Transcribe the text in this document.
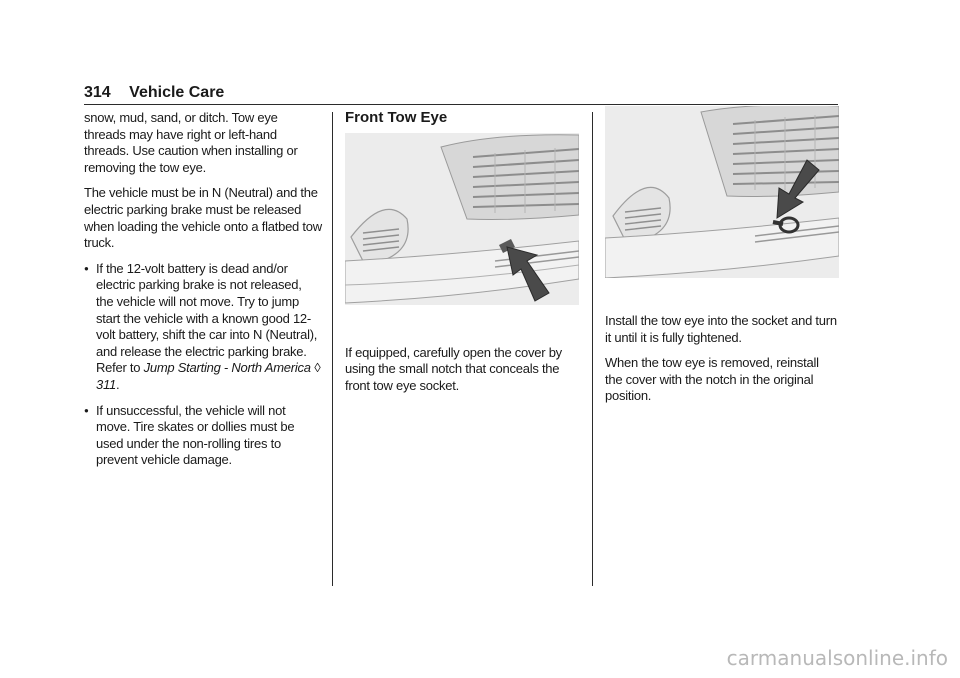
314 Vehicle Care

snow, mud, sand, or ditch. Tow eye threads may have right or left-hand threads. Use caution when installing or removing the tow eye.

The vehicle must be in N (Neutral) and the electric parking brake must be released when loading the vehicle onto a flatbed tow truck.

● If the 12-volt battery is dead and/or electric parking brake is not released, the vehicle will not move. Try to jump start the vehicle with a known good 12-volt battery, shift the car into N (Neutral), and release the electric parking brake. Refer to Jump Starting - North America ◊ 311.
● If unsuccessful, the vehicle will not move. Tire skates or dollies must be used under the non-rolling tires to prevent vehicle damage.
Front Tow Eye

If equipped, carefully open the cover by using the small notch that conceals the front tow eye socket.

Install the tow eye into the socket and turn it until it is fully tightened.

When the tow eye is removed, reinstall the cover with the notch in the original position.

carmanualsonline.info
